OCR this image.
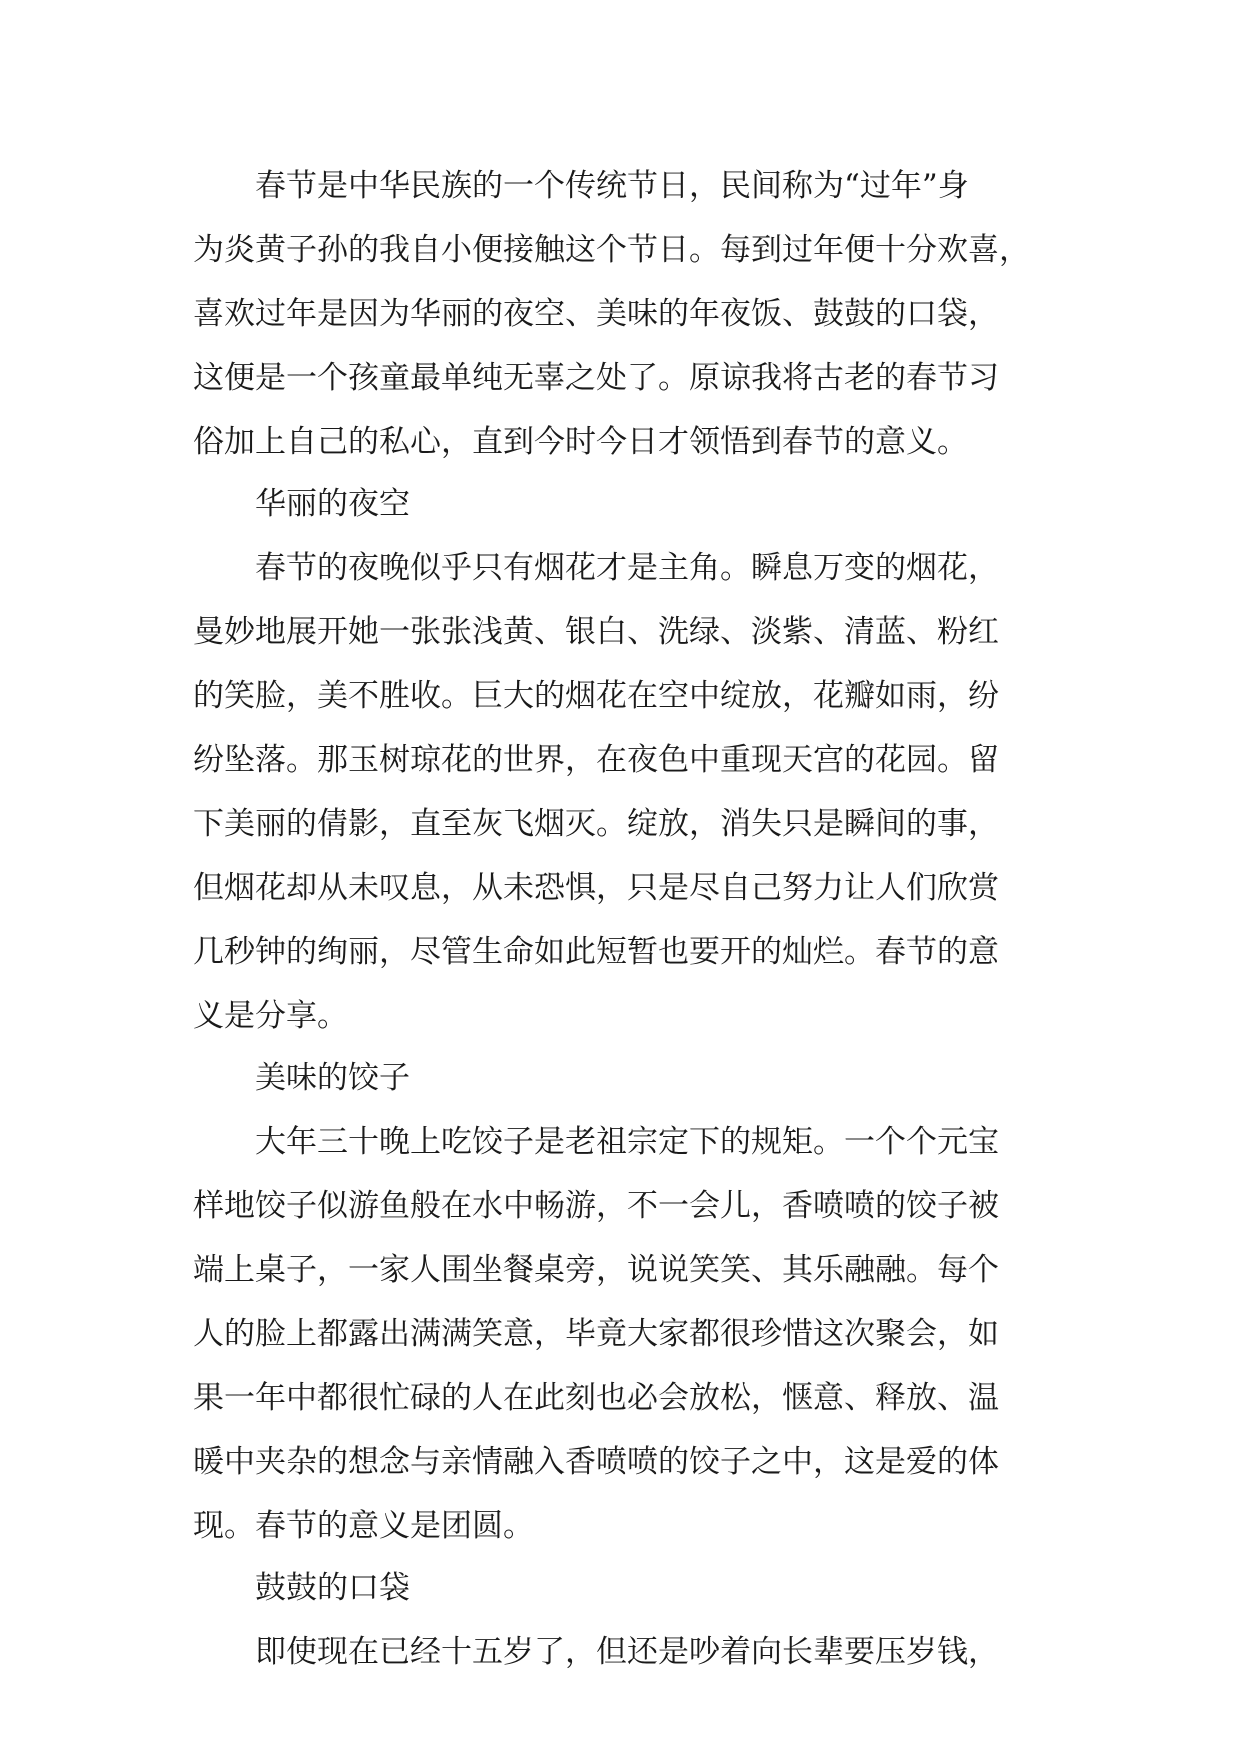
春节是中华民族的一个传统节日，民间称为“过年”身
为炎黄子孙的我自小便接触这个节日。每到过年便十分欢喜，
喜欢过年是因为华丽的夜空、美味的年夜饭、鼓鼓的口袋，
这便是一个孩童最单纯无辜之处了。原谅我将古老的春节习
俗加上自己的私心，直到今时今日才领悟到春节的意义。
华丽的夜空
春节的夜晚似乎只有烟花才是主角。瞬息万变的烟花，
曼妙地展开她一张张浅黄、银白、洗绿、淡紫、清蓝、粉红
的笑脸，美不胜收。巨大的烟花在空中绽放，花瓣如雨，纷
纷坠落。那玉树琼花的世界，在夜色中重现天宫的花园。留
下美丽的倩影，直至灰飞烟灭。绽放，消失只是瞬间的事，
但烟花却从未叹息，从未恐惧，只是尽自己努力让人们欣赏
几秒钟的绚丽，尽管生命如此短暂也要开的灿烂。春节的意
义是分享。
美味的饺子
大年三十晚上吃饺子是老祖宗定下的规矩。一个个元宝
样地饺子似游鱼般在水中畅游，不一会儿，香喷喷的饺子被
端上桌子，一家人围坐餐桌旁，说说笑笑、其乐融融。每个
人的脸上都露出满满笑意，毕竟大家都很珍惜这次聚会，如
果一年中都很忙碌的人在此刻也必会放松，惬意、释放、温
暖中夹杂的想念与亲情融入香喷喷的饺子之中，这是爱的体
现。春节的意义是团圆。
鼓鼓的口袋
即使现在已经十五岁了，但还是吵着向长辈要压岁钱，
